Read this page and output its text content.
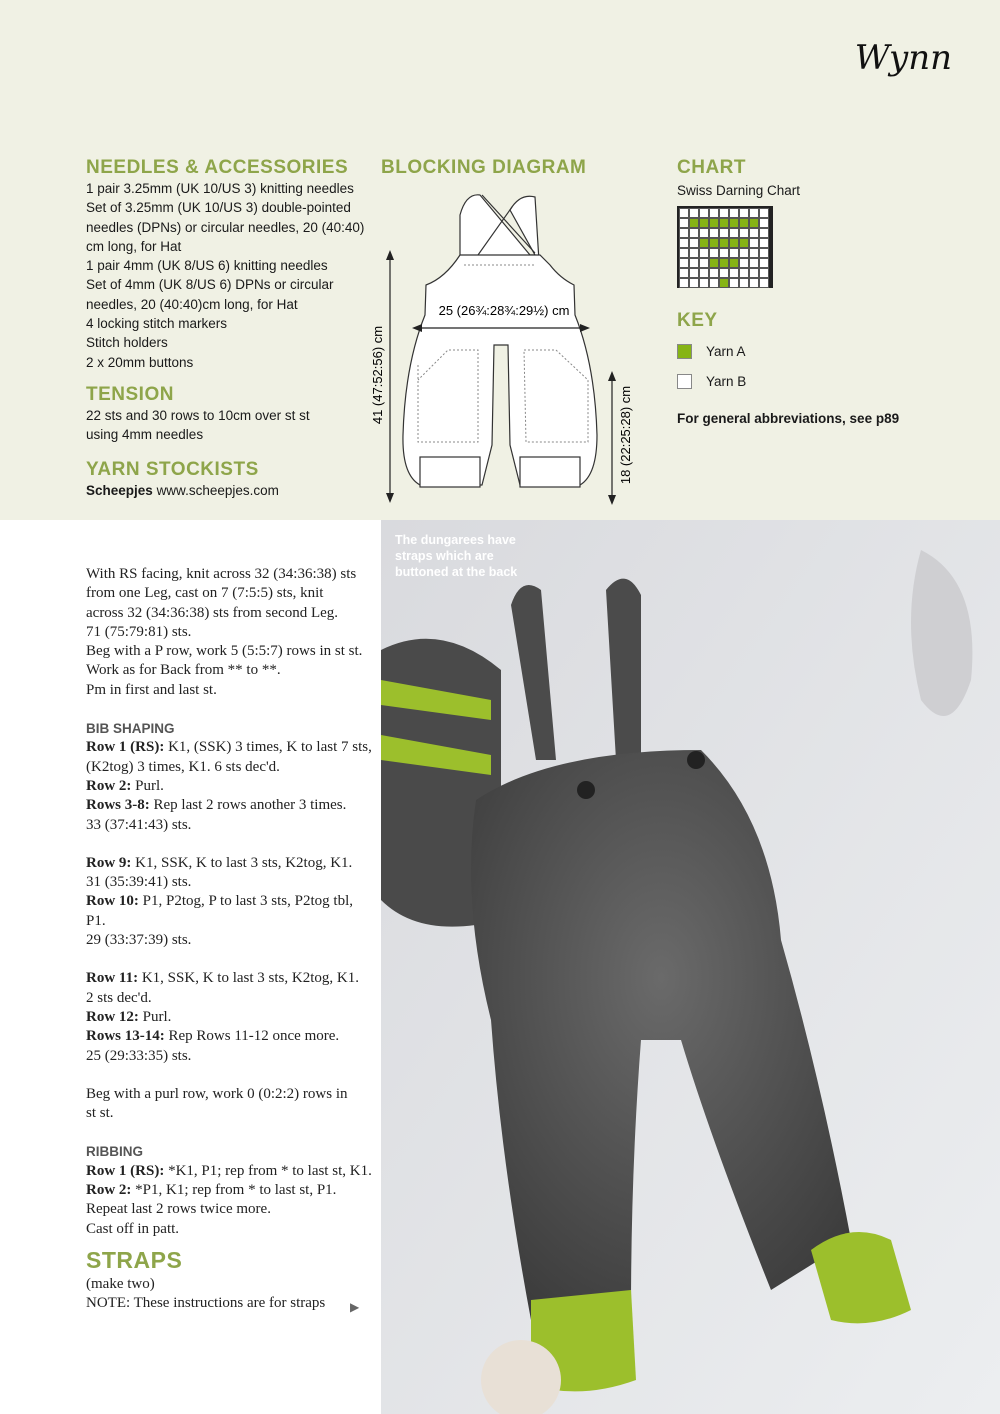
Wynn
NEEDLES & ACCESSORIES
1 pair 3.25mm (UK 10/US 3) knitting needles
Set of 3.25mm (UK 10/US 3) double-pointed
needles (DPNs) or circular needles, 20 (40:40)
cm long, for Hat
1 pair 4mm (UK 8/US 6) knitting needles
Set of 4mm (UK 8/US 6) DPNs or circular
needles, 20 (40:40)cm long, for Hat
4 locking stitch markers
Stitch holders
2 x 20mm buttons
TENSION
22 sts and 30 rows to 10cm over st st
using 4mm needles
YARN STOCKISTS
Scheepjes www.scheepjes.com
BLOCKING DIAGRAM
25 (26¾:28¾:29½) cm
41 (47:52:56) cm
18 (22:25:28) cm
CHART
Swiss Darning Chart
KEY
Yarn A
Yarn B
For general abbreviations, see p89
With RS facing, knit across 32 (34:36:38) sts
from one Leg, cast on 7 (7:5:5) sts, knit
across 32 (34:36:38) sts from second Leg.
71 (75:79:81) sts.
Beg with a P row, work 5 (5:5:7) rows in st st.
Work as for Back from ** to **.
Pm in first and last st.
BIB SHAPING
Row 1 (RS): K1, (SSK) 3 times, K to last 7 sts,
(K2tog) 3 times, K1. 6 sts dec'd.
Row 2: Purl.
Rows 3-8: Rep last 2 rows another 3 times.
33 (37:41:43) sts.
Row 9: K1, SSK, K to last 3 sts, K2tog, K1.
31 (35:39:41) sts.
Row 10: P1, P2tog, P to last 3 sts, P2tog tbl,
P1.
29 (33:37:39) sts.
Row 11: K1, SSK, K to last 3 sts, K2tog, K1.
2 sts dec'd.
Row 12: Purl.
Rows 13-14: Rep Rows 11-12 once more.
25 (29:33:35) sts.
Beg with a purl row, work 0 (0:2:2) rows in
st st.
RIBBING
Row 1 (RS): *K1, P1; rep from * to last st, K1.
Row 2: *P1, K1; rep from * to last st, P1.
Repeat last 2 rows twice more.
Cast off in patt.
STRAPS
(make two)
NOTE: These instructions are for straps	▶
The dungarees have
straps which are
buttoned at the back
